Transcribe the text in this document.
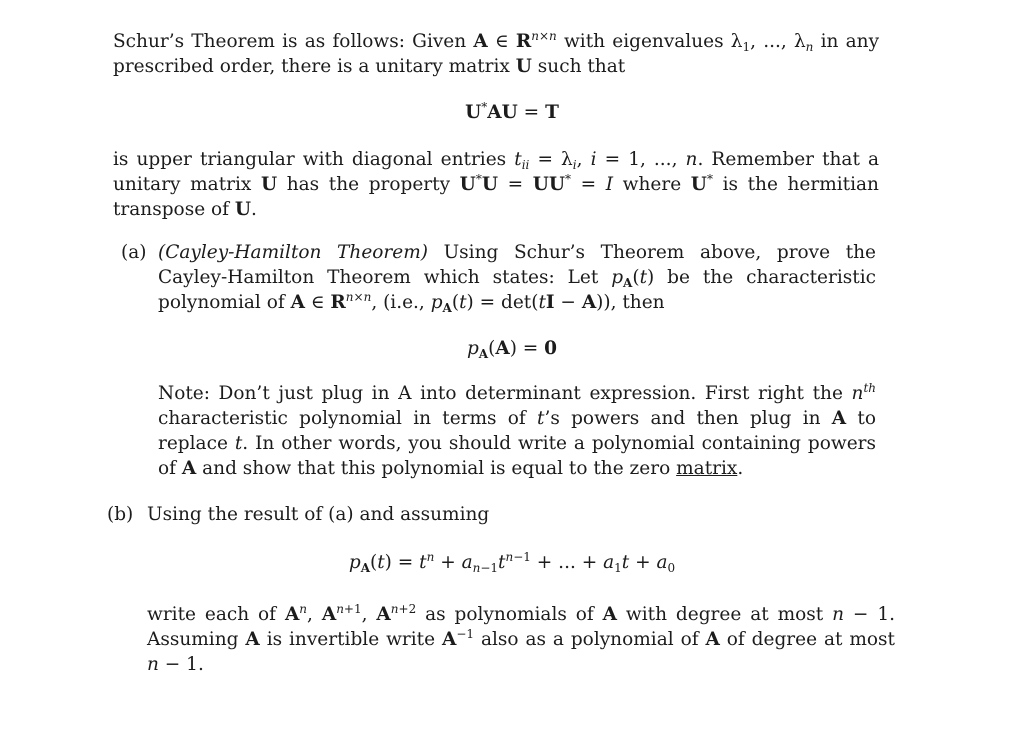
Schur’s Theorem is as follows: Given A ∈ $R^{n\times n}$ with eigenvalues $\lambda_1$, ..., $\lambda_n$ in any prescribed order, there is a unitary matrix U such that
U*AU = T
is upper triangular with diagonal entries $t_{ii} = \lambda_i$, i = 1, ..., n. Remember that a unitary matrix U has the property U*U = UU* = I where U* is the hermitian transpose of U.
(a) (Cayley-Hamilton Theorem) Using Schur’s Theorem above, prove the Cayley-Hamilton Theorem which states: Let $p_A(t)$ be the characteristic polynomial of A ∈ $R^{n\times n}$, (i.e., $p_A(t) = \det(tI - A)$), then
$p_A(A) = 0$
Note: Don’t just plug in A into determinant expression. First right the $n^{th}$ characteristic polynomial in terms of t’s powers and then plug in A to replace t. In other words, you should write a polynomial containing powers of A and show that this polynomial is equal to the zero matrix.
(b) Using the result of (a) and assuming
$p_A(t) = t^n + a_{n-1}t^{n-1}$ + ... + $a_1t + a_0$
write each of $A^n$, $A^{n+1}$, $A^{n+2}$ as polynomials of A with degree at most n − 1. Assuming A is invertible write $A^{-1}$ also as a polynomial of A of degree at most n − 1.
